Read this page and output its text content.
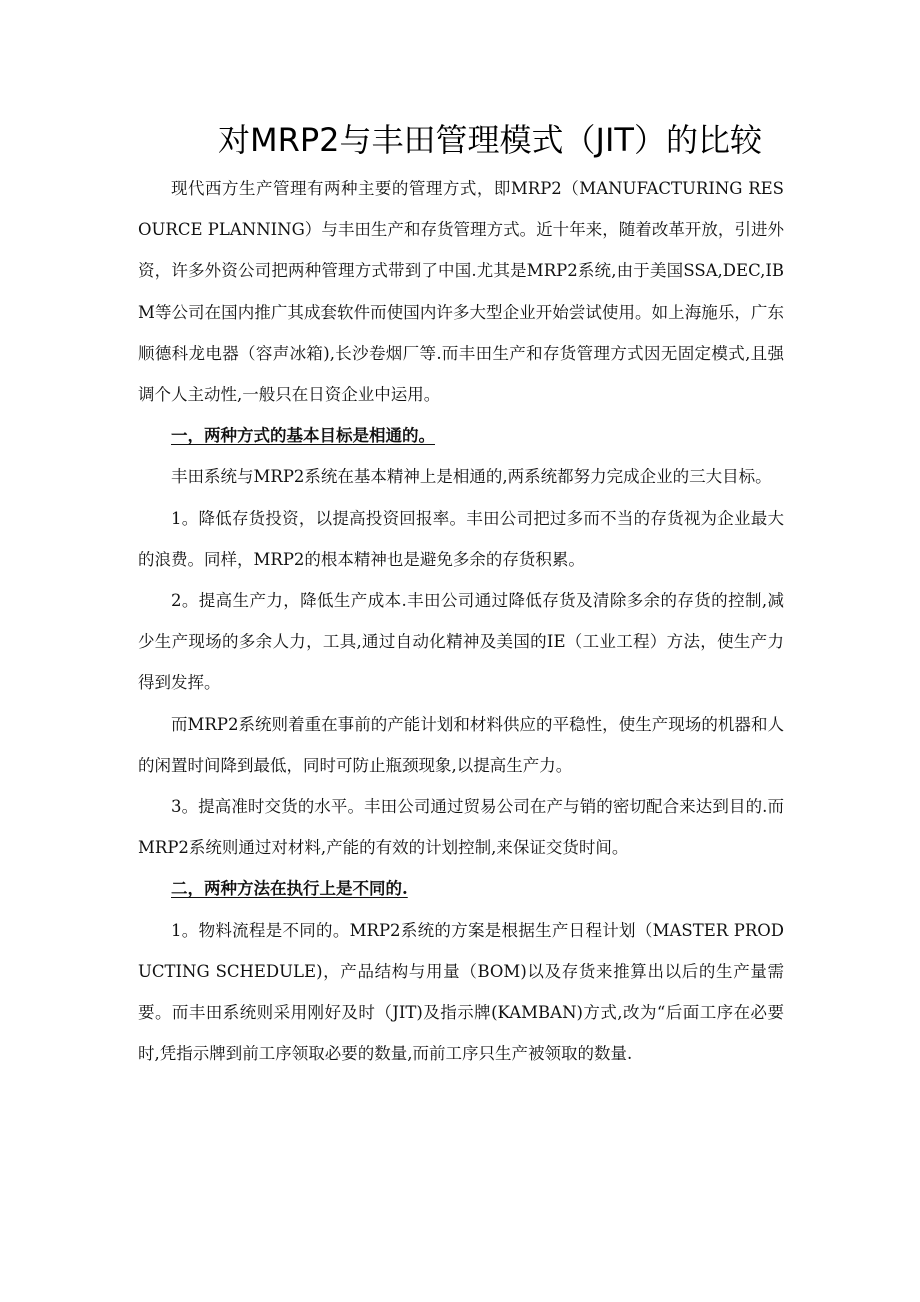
对MRP2与丰田管理模式（JIT）的比较

现代西方生产管理有两种主要的管理方式，即MRP2（MANUFACTURING RESOURCE PLANNING）与丰田生产和存货管理方式。近十年来，随着改革开放，引进外资，许多外资公司把两种管理方式带到了中国.尤其是MRP2系统,由于美国SSA,DEC,IBM等公司在国内推广其成套软件而使国内许多大型企业开始尝试使用。如上海施乐，广东顺德科龙电器（容声冰箱),长沙卷烟厂等.而丰田生产和存货管理方式因无固定模式,且强调个人主动性,一般只在日资企业中运用。

一，两种方式的基本目标是相通的。

丰田系统与MRP2系统在基本精神上是相通的,两系统都努力完成企业的三大目标。

1。降低存货投资，以提高投资回报率。丰田公司把过多而不当的存货视为企业最大的浪费。同样，MRP2的根本精神也是避免多余的存货积累。

2。提高生产力，降低生产成本.丰田公司通过降低存货及清除多余的存货的控制,减少生产现场的多余人力，工具,通过自动化精神及美国的IE（工业工程）方法，使生产力得到发挥。

而MRP2系统则着重在事前的产能计划和材料供应的平稳性，使生产现场的机器和人的闲置时间降到最低，同时可防止瓶颈现象,以提高生产力。

3。提高准时交货的水平。丰田公司通过贸易公司在产与销的密切配合来达到目的.而MRP2系统则通过对材料,产能的有效的计划控制,来保证交货时间。

二，两种方法在执行上是不同的.

1。物料流程是不同的。MRP2系统的方案是根据生产日程计划（MASTER PRODUCTING SCHEDULE)，产品结构与用量（BOM)以及存货来推算出以后的生产量需要。而丰田系统则采用刚好及时（JIT)及指示牌(KAMBAN)方式,改为“后面工序在必要时,凭指示牌到前工序领取必要的数量,而前工序只生产被领取的数量.
